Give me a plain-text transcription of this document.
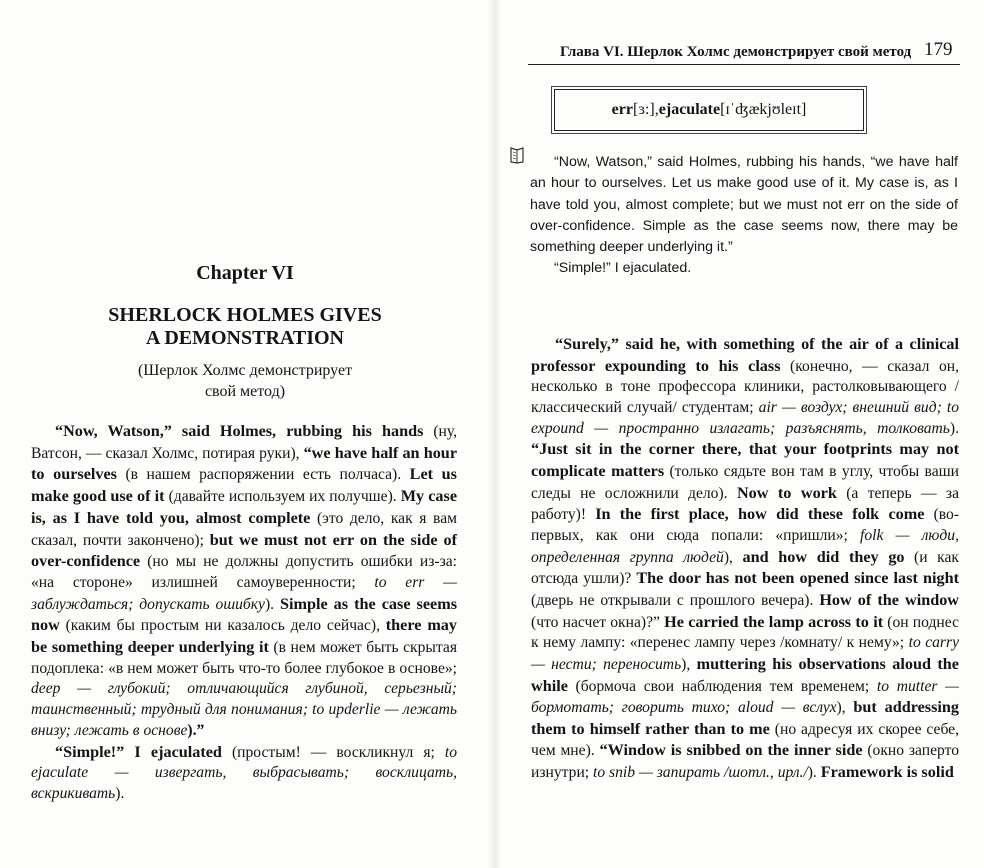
Глава VI. Шерлок Холмс демонстрирует свой метод 179
err [ɜ:], ejaculate [ɪˈʤækjʊleɪt]

“Now, Watson,” said Holmes, rubbing his hands, “we have half an hour to ourselves. Let us make good use of it. My case is, as I have told you, almost complete; but we must not err on the side of over-confidence. Simple as the case seems now, there may be something deeper underlying it.”

“Simple!” I ejaculated.

Chapter VI
SHERLOCK HOLMES GIVES
A DEMONSTRATION
(Шерлок Холмс демонстрирует
свой метод)

“Now, Watson,” said Holmes, rubbing his hands (ну, Ватсон, — сказал Холмс, потирая руки), “we have half an hour to ourselves (в нашем распоряжении есть полчаса). Let us make good use of it (давайте используем их получше). My case is, as I have told you, almost complete (это дело, как я вам сказал, почти закончено); but we must not err on the side of over-confidence (но мы не должны допустить ошибки из-за: «на стороне» излишней самоуверенности; to err — заблуждаться; допускать ошибку). Simple as the case seems now (каким бы простым ни казалось дело сейчас), there may be something deeper underlying it (в нем может быть скрытая подоплека: «в нем может быть что-то более глубокое в основе»; deep — глубокий; отличающийся глубиной, серьезный; таинственный; трудный для понимания; to upderlie — лежать внизу; лежать в основе).”

“Simple!” I ejaculated (простым! — воскликнул я; to ejaculate — извергать, выбрасывать; восклицать, вскрикивать).

“Surely,” said he, with something of the air of a clinical professor expounding to his class (конечно, — сказал он, несколько в тоне профессора клиники, растолковывающего /классический случай/ студентам; air — воздух; внешний вид; to expound — пространно излагать; разъяснять, толковать). “Just sit in the corner there, that your footprints may not complicate matters (только сядьте вон там в углу, чтобы ваши следы не осложнили дело). Now to work (а теперь — за работу)! In the first place, how did these folk come (во-первых, как они сюда попали: «пришли»; folk — люди, определенная группа людей), and how did they go (и как отсюда ушли)? The door has not been opened since last night (дверь не открывали с прошлого вечера). How of the window (что насчет окна)?” He carried the lamp across to it (он поднес к нему лампу: «перенес лампу через /комнату/ к нему»; to carry — нести; переносить), muttering his observations aloud the while (бормоча свои наблюдения тем временем; to mutter — бормотать; говорить тихо; aloud — вслух), but addressing them to himself rather than to me (но адресуя их скорее себе, чем мне). “Window is snibbed on the inner side (окно заперто изнутри; to snib — запирать /шотл., ирл./). Framework is solid
